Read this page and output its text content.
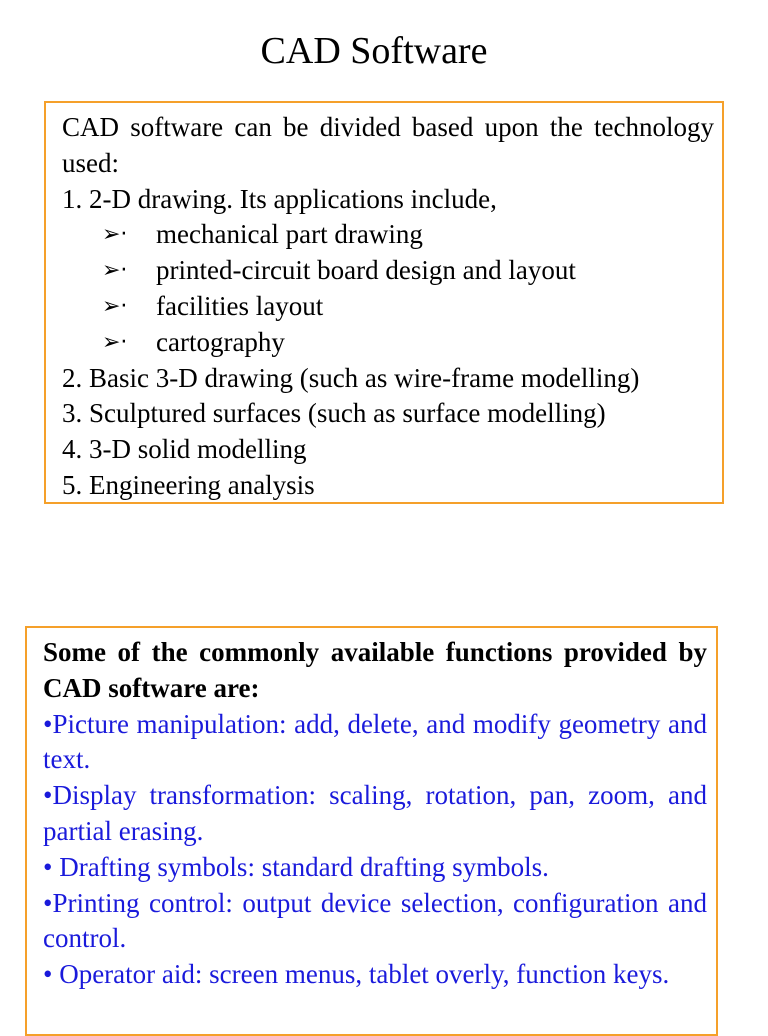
CAD Software
CAD software can be divided based upon the technology used:
1. 2-D drawing. Its applications include,
➢· mechanical part drawing
➢· printed-circuit board design and layout
➢· facilities layout
➢· cartography
2. Basic 3-D drawing (such as wire-frame modelling)
3. Sculptured surfaces (such as surface modelling)
4. 3-D solid modelling
5. Engineering analysis
Some of the commonly available functions provided by CAD software are:
•Picture manipulation: add, delete, and modify geometry and text.
•Display transformation: scaling, rotation, pan, zoom, and partial erasing.
• Drafting symbols: standard drafting symbols.
•Printing control: output device selection, configuration and control.
• Operator aid: screen menus, tablet overly, function keys.
